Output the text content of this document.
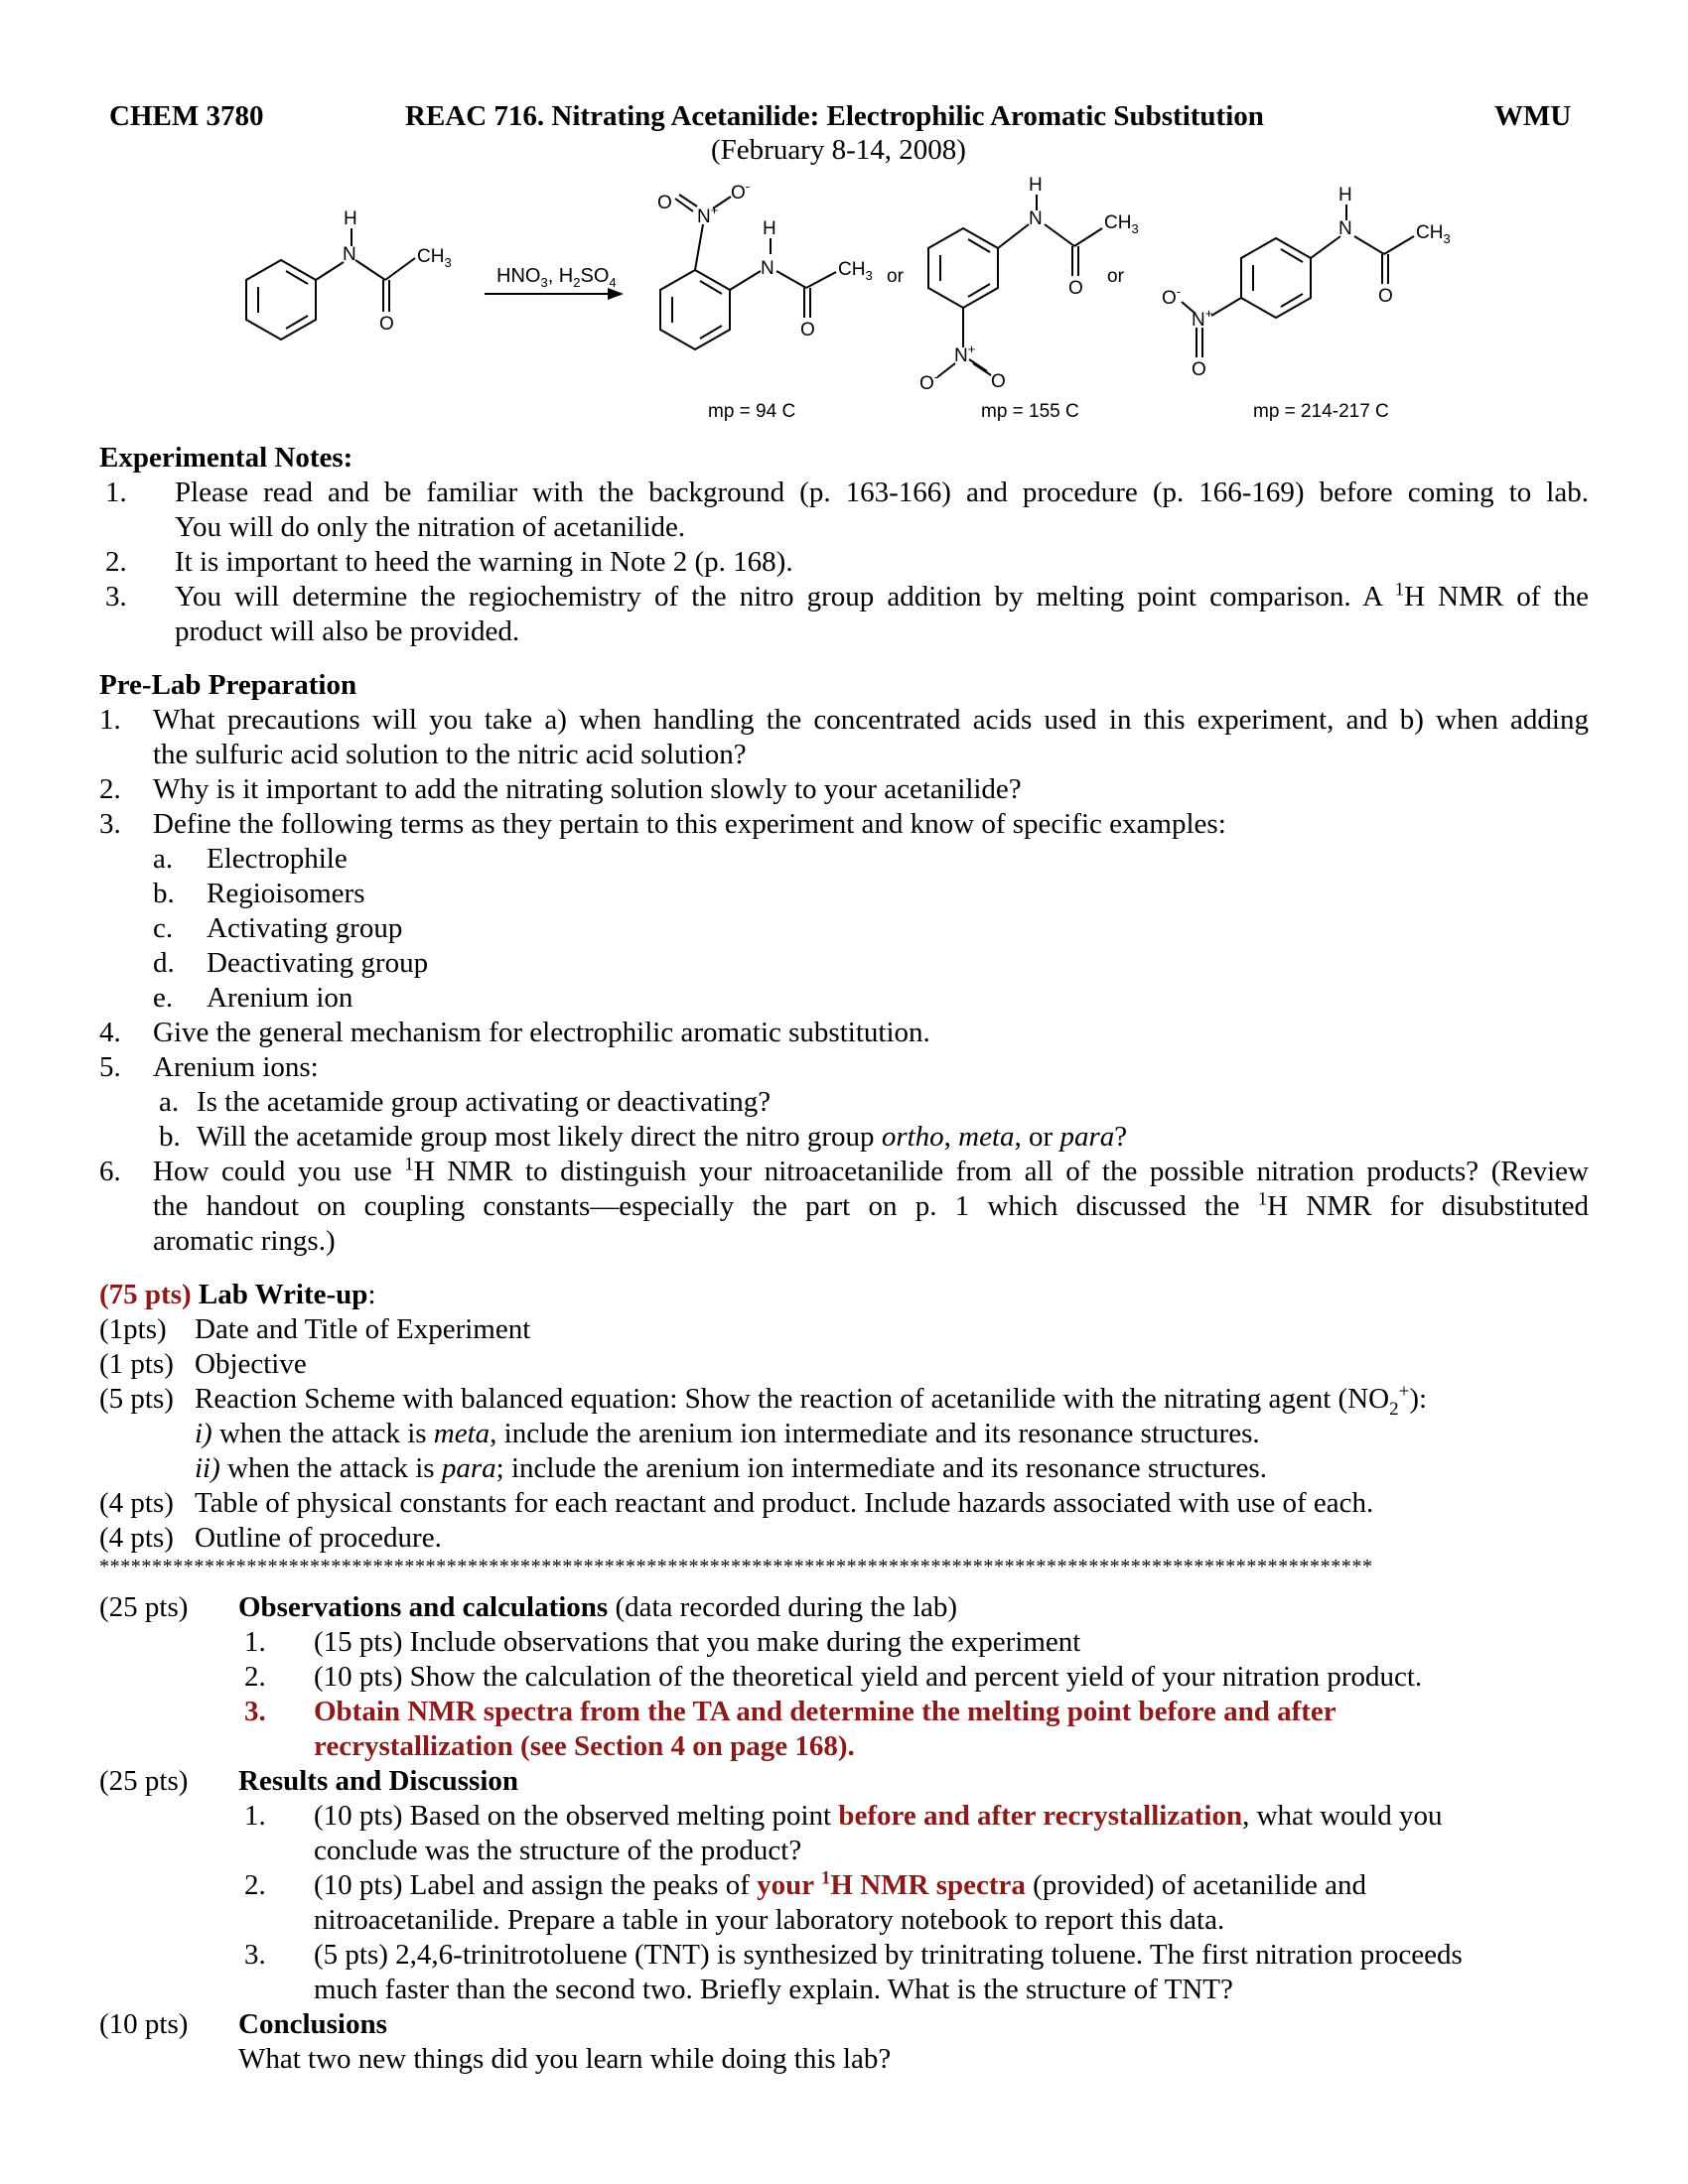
CHEM 3780	REAC 716. Nitrating Acetanilide: Electrophilic Aromatic Substitution
(February 8-14, 2008)
WMU
$HNO_3$, $H_2SO_4$
H
N	$CH_3$
O
H
N	$CH_3$
O
N+
O	O-	H
N	$CH_3$
O
N+
O-	O
H
N	$CH_3$
O
N+
O-
O
or	or
mp = 94 C	mp = 155 C	mp = 214-217 C
Experimental Notes:
1. Please read and be familiar with the background (p. 163-166) and procedure (p. 166-169) before coming to lab.
You will do only the nitration of acetanilide.
2. It is important to heed the warning in Note 2 (p. 168).
3. You will determine the regiochemistry of the nitro group addition by melting point comparison. A $^1$H NMR of the
product will also be provided.
Pre-Lab Preparation
1. What precautions will you take a) when handling the concentrated acids used in this experiment, and b) when adding
the sulfuric acid solution to the nitric acid solution?
2. Why is it important to add the nitrating solution slowly to your acetanilide?
3. Define the following terms as they pertain to this experiment and know of specific examples:
a. Electrophile
b. Regioisomers
c. Activating group
d. Deactivating group
e. Arenium ion
4. Give the general mechanism for electrophilic aromatic substitution.
5. Arenium ions:
a. Is the acetamide group activating or deactivating?
b. Will the acetamide group most likely direct the nitro group ortho, meta, or para?
6. How could you use $^1$H NMR to distinguish your nitroacetanilide from all of the possible nitration products? (Review
the handout on coupling constants—especially the part on p. 1 which discussed the $^1$H NMR for disubstituted
aromatic rings.)
(75 pts) Lab Write-up:
(1pts) Date and Title of Experiment
(1 pts) Objective
(5 pts) Reaction Scheme with balanced equation: Show the reaction of acetanilide with the nitrating agent $(NO_2^+)$:
i) when the attack is meta, include the arenium ion intermediate and its resonance structures.
ii) when the attack is para; include the arenium ion intermediate and its resonance structures.
(4 pts) Table of physical constants for each reactant and product. Include hazards associated with use of each.
(4 pts) Outline of procedure.
*************************************************************************************************************************
(25 pts) Observations and calculations (data recorded during the lab)
1. (15 pts) Include observations that you make during the experiment
2. (10 pts) Show the calculation of the theoretical yield and percent yield of your nitration product.
3. Obtain NMR spectra from the TA and determine the melting point before and after
recrystallization (see Section 4 on page 168).
(25 pts) Results and Discussion
1. (10 pts) Based on the observed melting point before and after recrystallization, what would you
conclude was the structure of the product?
2. (10 pts) Label and assign the peaks of your $^1$H NMR spectra (provided) of acetanilide and
nitroacetanilide. Prepare a table in your laboratory notebook to report this data.
3. (5 pts) 2,4,6-trinitrotoluene (TNT) is synthesized by trinitrating toluene. The first nitration proceeds
much faster than the second two. Briefly explain. What is the structure of TNT?
(10 pts) Conclusions
What two new things did you learn while doing this lab?
